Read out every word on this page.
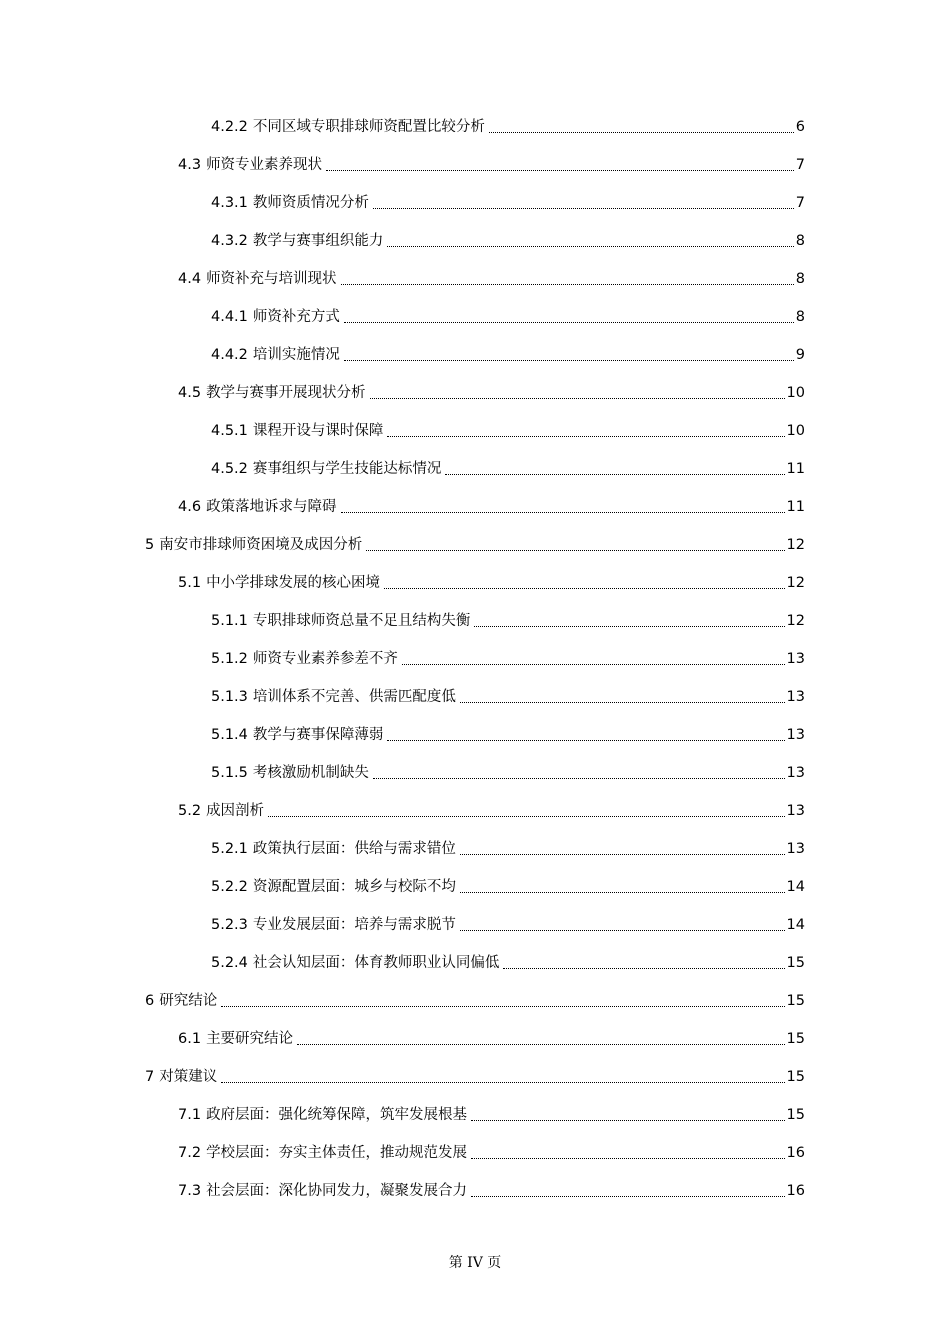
4.2.2 不同区域专职排球师资配置比较分析	6
4.3 师资专业素养现状	7
4.3.1 教师资质情况分析	7
4.3.2 教学与赛事组织能力	8
4.4 师资补充与培训现状	8
4.4.1 师资补充方式	8
4.4.2 培训实施情况	9
4.5 教学与赛事开展现状分析	10
4.5.1 课程开设与课时保障	10
4.5.2 赛事组织与学生技能达标情况	11
4.6 政策落地诉求与障碍	11
5 南安市排球师资困境及成因分析	12
5.1 中小学排球发展的核心困境	12
5.1.1 专职排球师资总量不足且结构失衡	12
5.1.2 师资专业素养参差不齐	13
5.1.3 培训体系不完善、供需匹配度低	13
5.1.4 教学与赛事保障薄弱	13
5.1.5 考核激励机制缺失	13
5.2 成因剖析	13
5.2.1 政策执行层面：供给与需求错位	13
5.2.2 资源配置层面：城乡与校际不均	14
5.2.3 专业发展层面：培养与需求脱节	14
5.2.4 社会认知层面：体育教师职业认同偏低	15
6 研究结论	15
6.1 主要研究结论	15
7 对策建议	15
7.1 政府层面：强化统筹保障，筑牢发展根基	15
7.2 学校层面：夯实主体责任，推动规范发展	16
7.3 社会层面：深化协同发力，凝聚发展合力	16
第 IV 页
